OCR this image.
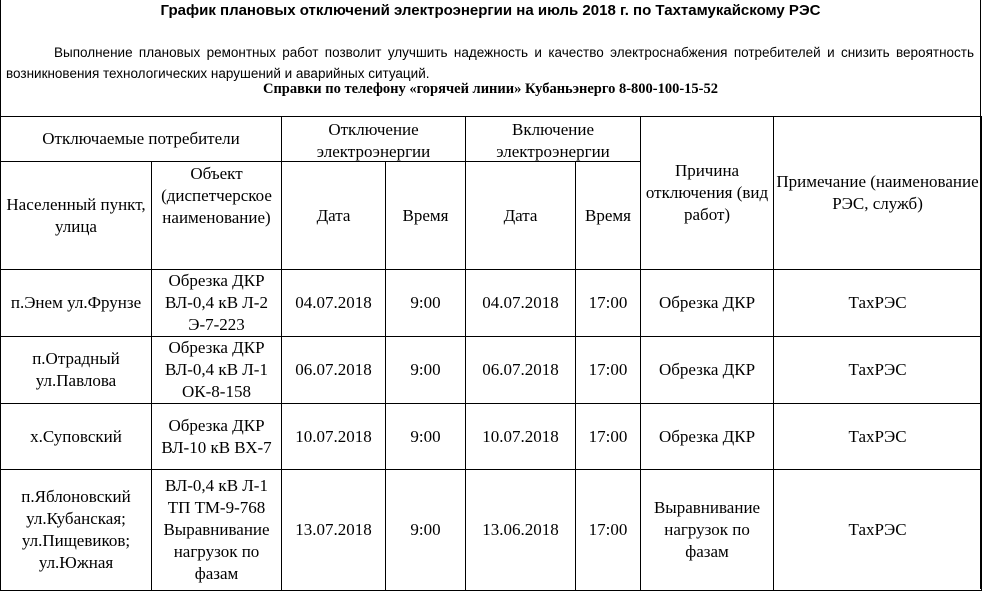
График плановых отключений электроэнергии на июль 2018 г. по Тахтамукайскому РЭС
Выполнение плановых ремонтных работ позволит улучшить надежность и качество электроснабжения потребителей и снизить вероятность возникновения технологических нарушений и аварийных ситуаций.
Справки по телефону «горячей линии» Кубаньэнерго 8-800-100-15-52
Отключаемые потребители		Отключение электроэнергии		Включение электроэнергии		Причина отключения (вид работ)	Примечание (наименование РЭС, служб)
Населенный пункт, улица	Объект (диспетчерское наименование)	Дата	Время	Дата	Время		
п.Энем ул.Фрунзе	Обрезка ДКР ВЛ-0,4 кВ Л-2 Э-7-223	04.07.2018	9:00	04.07.2018	17:00	Обрезка ДКР	ТахРЭС
п.Отрадный ул.Павлова	Обрезка ДКР ВЛ-0,4 кВ Л-1 ОК-8-158	06.07.2018	9:00	06.07.2018	17:00	Обрезка ДКР	ТахРЭС
х.Суповский	Обрезка ДКР ВЛ-10 кВ ВХ-7	10.07.2018	9:00	10.07.2018	17:00	Обрезка ДКР	ТахРЭС
п.Яблоновский ул.Кубанская; ул.Пищевиков; ул.Южная	ВЛ-0,4 кВ Л-1 ТП ТМ-9-768 Выравнивание нагрузок по фазам	13.07.2018	9:00	13.06.2018	17:00	Выравнивание нагрузок по фазам	ТахРЭС
